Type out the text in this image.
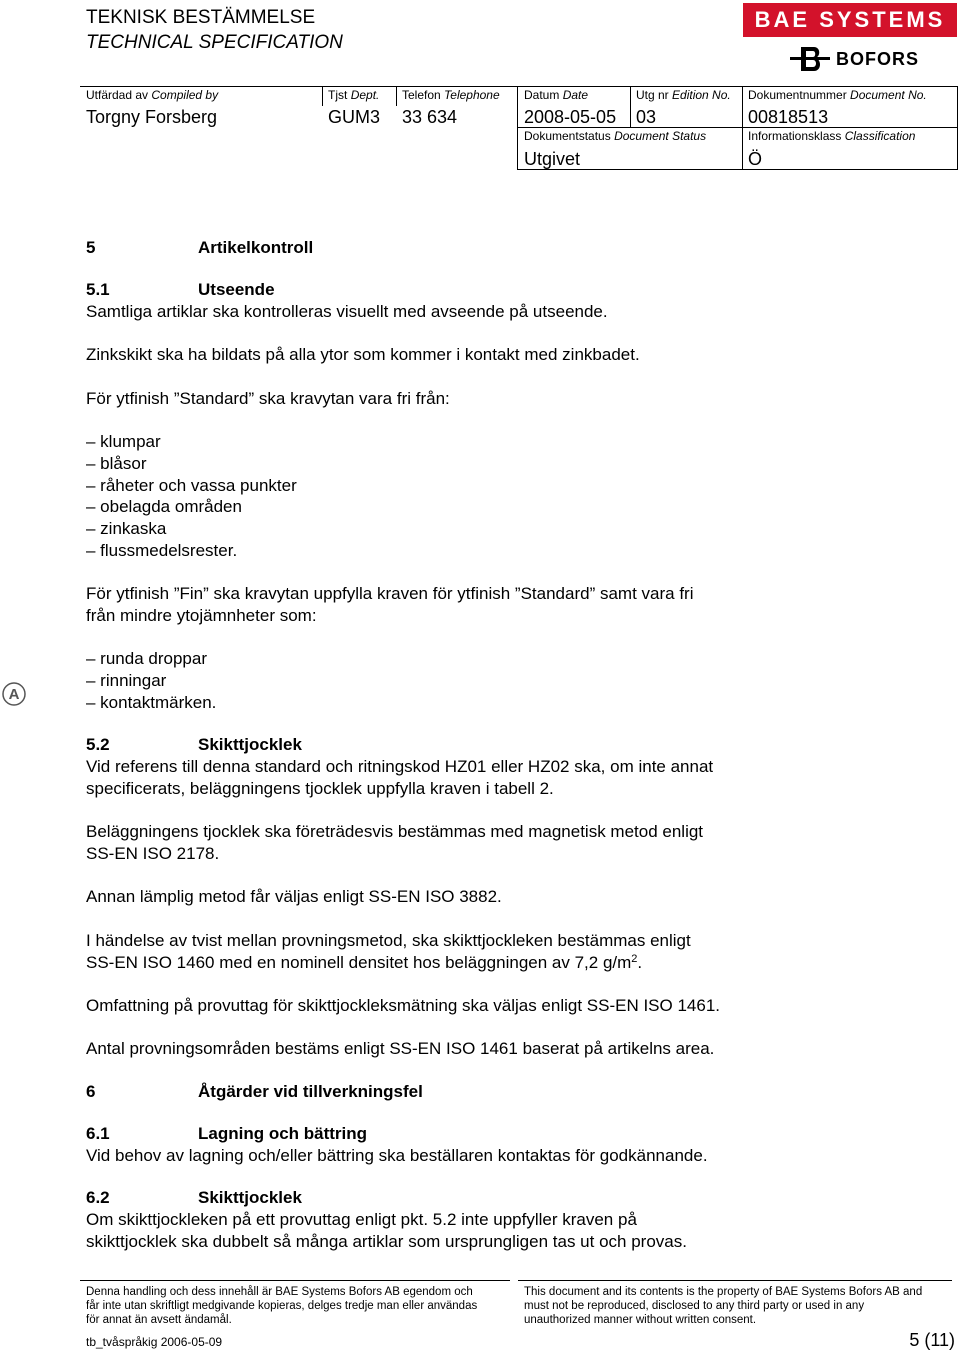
TEKNISK BESTÄMMELSE
TECHNICAL SPECIFICATION
BAE SYSTEMS
BOFORS
Utfärdad av Compiled by
Torgny Forsberg
Tjst Dept.
GUM3
Telefon Telephone
33 634
Datum Date
2008-05-05
Utg nr Edition No.
03
Dokumentnummer Document No.
00818513
Dokumentstatus Document Status
Utgivet
Informationsklass Classification
Ö
A
5	Artikelkontroll
5.1	Utseende
Samtliga artiklar ska kontrolleras visuellt med avseende på utseende.
Zinkskikt ska ha bildats på alla ytor som kommer i kontakt med zinkbadet.
För ytfinish ”Standard” ska kravytan vara fri från:
– klumpar
– blåsor
– råheter och vassa punkter
– obelagda områden
– zinkaska
– flussmedelsrester.
För ytfinish ”Fin” ska kravytan uppfylla kraven för ytfinish ”Standard” samt vara fri
från mindre ytojämnheter som:
– runda droppar
– rinningar
– kontaktmärken.
5.2	Skikttjocklek
Vid referens till denna standard och ritningskod HZ01 eller HZ02 ska, om inte annat
specificerats, beläggningens tjocklek uppfylla kraven i tabell 2.
Beläggningens tjocklek ska företrädesvis bestämmas med magnetisk metod enligt
SS-EN ISO 2178.
Annan lämplig metod får väljas enligt SS-EN ISO 3882.
I händelse av tvist mellan provningsmetod, ska skikttjockleken bestämmas enligt
SS-EN ISO 1460 med en nominell densitet hos beläggningen av 7,2 $g/m^2$.
Omfattning på provuttag för skikttjockleksmätning ska väljas enligt SS-EN ISO 1461.
Antal provningsområden bestäms enligt SS-EN ISO 1461 baserat på artikelns area.
6	Åtgärder vid tillverkningsfel
6.1	Lagning och bättring
Vid behov av lagning och/eller bättring ska beställaren kontaktas för godkännande.
6.2	Skikttjocklek
Om skikttjockleken på ett provuttag enligt pkt. 5.2 inte uppfyller kraven på
skikttjocklek ska dubbelt så många artiklar som ursprungligen tas ut och provas.
Denna handling och dess innehåll är BAE Systems Bofors AB egendom och
får inte utan skriftligt medgivande kopieras, delges tredje man eller användas
för annat än avsett ändamål.
This document and its contents is the property of BAE Systems Bofors AB and
must not be reproduced, disclosed to any third party or used in any
unauthorized manner without written consent.
tb_tvåspråkig 2006-05-09	5 (11)
